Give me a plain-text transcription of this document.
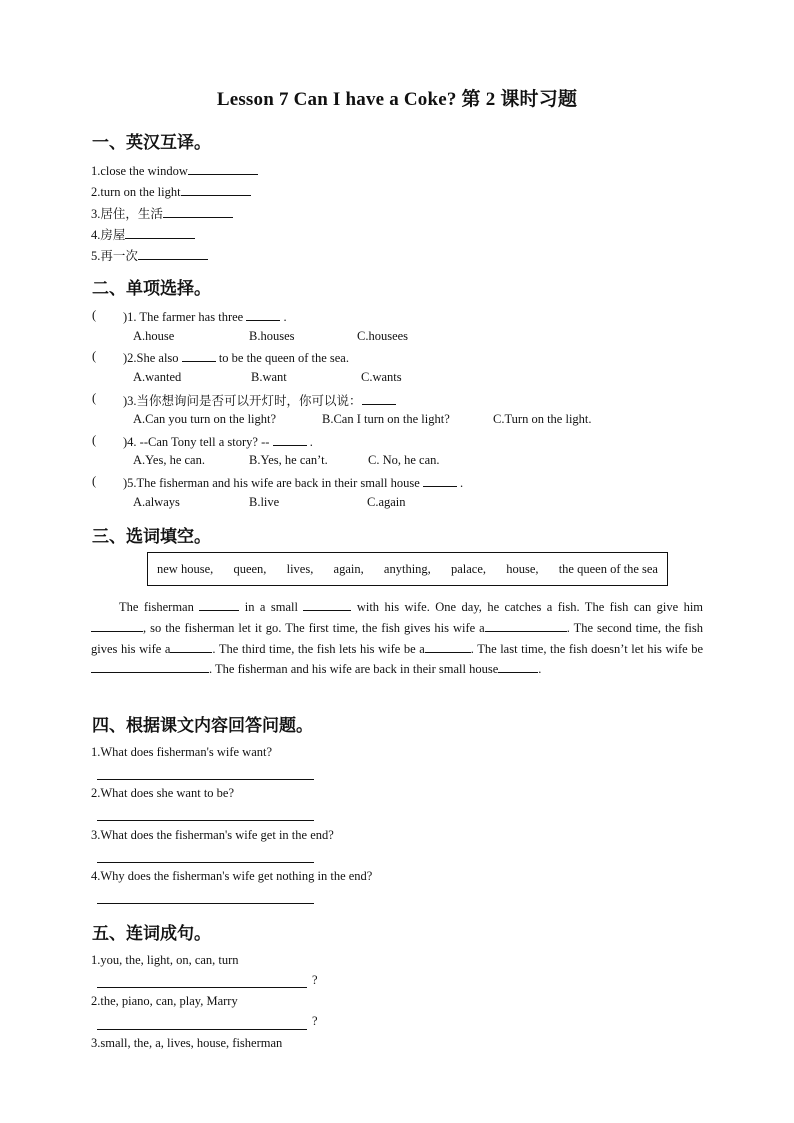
Lesson 7 Can I have a Coke? 第 2 课时习题
一、英汉互译。
1.close the window
2.turn on the light
3.居住，生活
4.房屋
5.再一次
二、单项选择。
( )1. The farmer has three	.
A.house	B.houses	C.housees
( )2.She also	to be the queen of the sea.
A.wanted	B.want	C.wants
( )3.当你想询问是否可以开灯时，你可以说：
A.Can you turn on the light?	B.Can I turn on the light?	C.Turn on the light.
( )4. --Can Tony tell a story? --	.
A.Yes, he can.	B.Yes, he can’t.	C. No, he can.
( )5.The fisherman and his wife are back in their small house	.
A.always	B.live	C.again
三、选词填空。
new house, queen, lives, again, anything, palace, house, the queen of the sea
The fisherman	in a small	with his wife. One day, he catches a fish. The fish can give him , so the fisherman let it go. The first time, the fish gives his wife a	. The second time, the fish gives his wife a	. The third time, the fish lets his wife be a	. The last time, the fish doesn’t let his wife be. The fisherman and his wife are back in their small house	.
四、根据课文内容回答问题。
1.What does fisherman's wife want?
2.What does she want to be?
3.What does the fisherman's wife get in the end?
4.Why does the fisherman's wife get nothing in the end?
五、连词成句。
1.you, the, light, on, can, turn
?
2.the, piano, can, play, Marry
?
3.small, the, a, lives, house, fisherman
